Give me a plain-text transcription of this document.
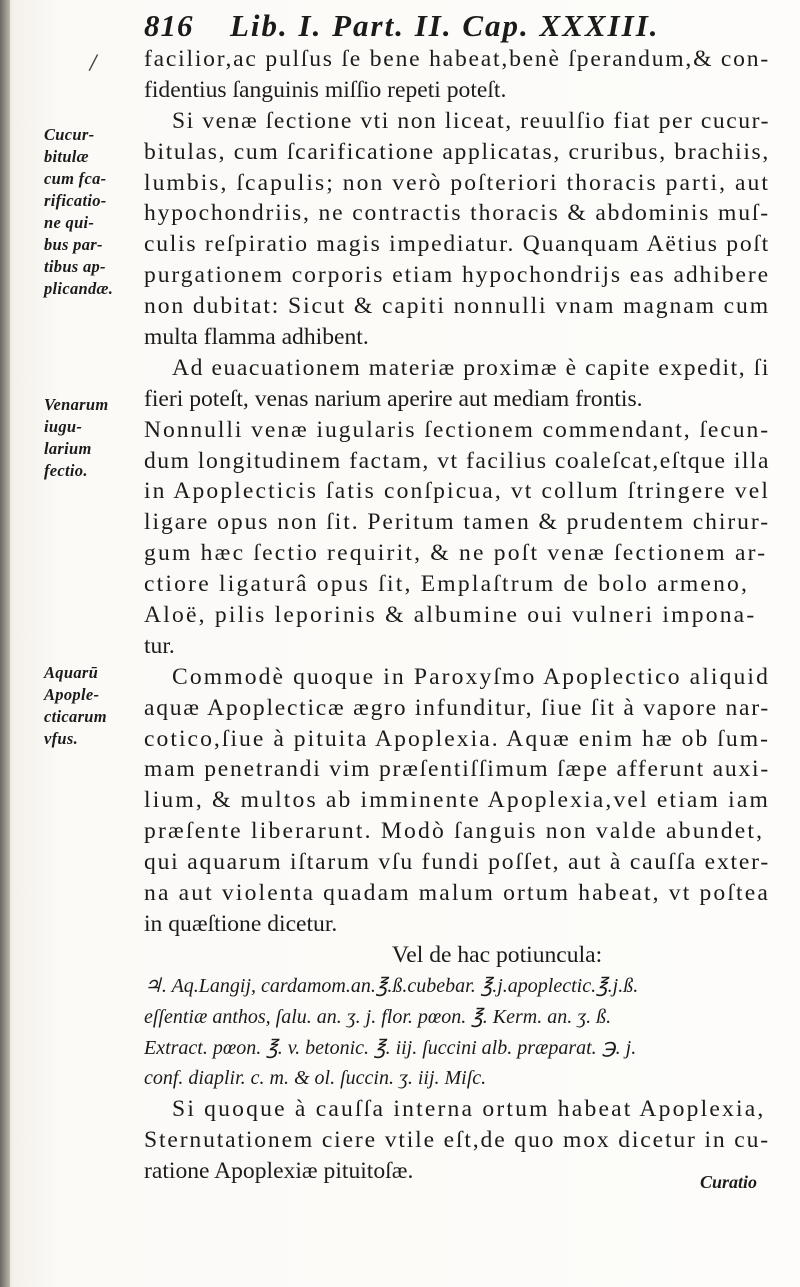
816 Lib. I. Part. II. Cap. XXXIII.
/
Cucur-
bitulæ
cum fca-
rificatio-
ne qui-
bus par-
tibus ap-
plicandæ.
Venarum
iugu-
larium
fectio.
Aquarū
Apople-
cticarum
vfus.
facilior,ac pulſus ſe bene habeat,benè ſperandum,& con-
fidentius ſanguinis miſſio repeti poteſt.
Si venæ ſectione vti non liceat, reuulſio fiat per cucur-
bitulas, cum ſcarificatione applicatas, cruribus, brachiis,
lumbis, ſcapulis; non verò poſteriori thoracis parti, aut
hypochondriis, ne contractis thoracis & abdominis muſ-
culis reſpiratio magis impediatur. Quanquam Aëtius poſt
purgationem corporis etiam hypochondrijs eas adhibere
non dubitat: Sicut & capiti nonnulli vnam magnam cum
multa flamma adhibent.
Ad euacuationem materiæ proximæ è capite expedit, ſi
fieri poteſt, venas narium aperire aut mediam frontis.
Nonnulli venæ iugularis ſectionem commendant, ſecun-
dum longitudinem factam, vt facilius coaleſcat,eſtque illa
in Apoplecticis ſatis conſpicua, vt collum ſtringere vel
ligare opus non ſit. Peritum tamen & prudentem chirur-
gum hæc ſectio requirit, & ne poſt venæ ſectionem ar-
ctiore ligaturâ opus ſit, Emplaſtrum de bolo armeno,
Aloë, pilis leporinis & albumine oui vulneri impona-
tur.
Commodè quoque in Paroxyſmo Apoplectico aliquid
aquæ Apoplecticæ ægro infunditur, ſiue ſit à vapore nar-
cotico,ſiue à pituita Apoplexia. Aquæ enim hæ ob ſum-
mam penetrandi vim præſentiſſimum ſæpe afferunt auxi-
lium, & multos ab imminente Apoplexia,vel etiam iam
præſente liberarunt. Modò ſanguis non valde abundet,
qui aquarum iſtarum vſu fundi poſſet, aut à cauſſa exter-
na aut violenta quadam malum ortum habeat, vt poſtea
in quæſtione dicetur.
Vel de hac potiuncula:
♃. Aq.Langij, cardamom.an.℥.ß.cubebar. ℥.j.apoplectic.℥.j.ß.
eſſentiæ anthos, ſalu. an. ʒ. j. flor. pœon. ℥. Kerm. an. ʒ. ß.
Extract. pœon. ℥. v. betonic. ℥. iij. ſuccini alb. præparat. ℈. j.
conf. diaplir. c. m. & ol. ſuccin. ʒ. iij. Miſc.
Si quoque à cauſſa interna ortum habeat Apoplexia,
Sternutationem ciere vtile eſt,de quo mox dicetur in cu-
ratione Apoplexiæ pituitoſæ.	Curatio
